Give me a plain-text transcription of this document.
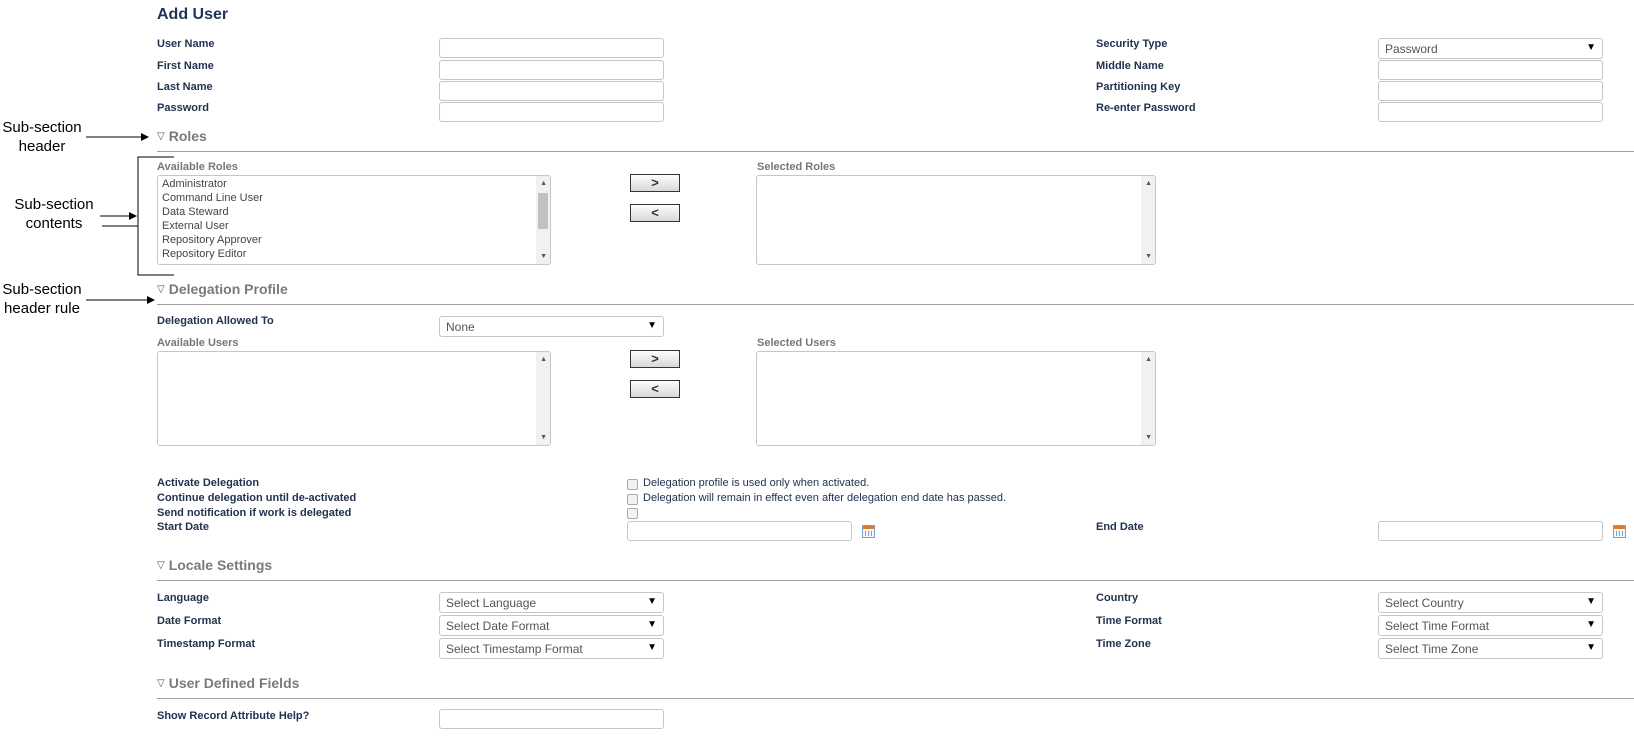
Sub-section
header
Sub-section
contents
Sub-section
header rule
Add User
User Name
First Name
Last Name
Password
Security Type	Password	▼
Middle Name
Partitioning Key
Re-enter Password
▽ Roles
Available Roles
Administrator
Command Line User
Data Steward
External User
Repository Approver
Repository Editor
▲
▼
>
<
Selected Roles
▲
▼
▽ Delegation Profile
Delegation Allowed To	None	▼
Available Users
▲
▼
>
<
Selected Users
▲
▼
Activate Delegation	Delegation profile is used only when activated.
Continue delegation until de-activated	Delegation will remain in effect even after delegation end date has passed.
Send notification if work is delegated
Start Date	End Date
▽ Locale Settings
Language	Select Language	▼
Date Format	Select Date Format	▼
Timestamp Format	Select Timestamp Format	▼
Country	Select Country	▼
Time Format	Select Time Format	▼
Time Zone	Select Time Zone	▼
▽ User Defined Fields
Show Record Attribute Help?
